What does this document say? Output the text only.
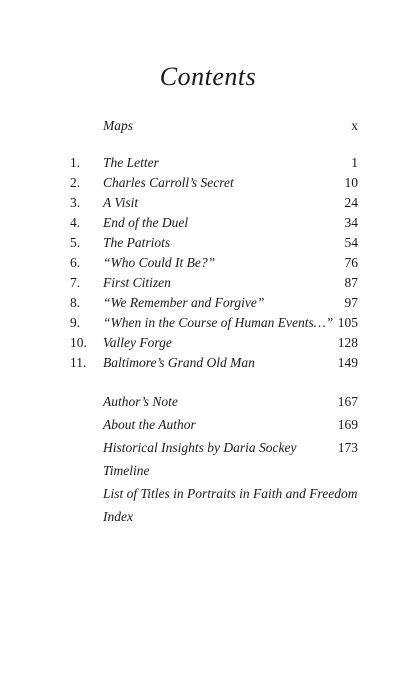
Contents
Maps	x
1.	The Letter	1
2.	Charles Carroll’s Secret	10
3.	A Visit	24
4.	End of the Duel	34
5.	The Patriots	54
6.	“Who Could It Be?”	76
7.	First Citizen	87
8.	“We Remember and Forgive”	97
9.	“When in the Course of Human Events…” 105
10.	Valley Forge	128
11.	Baltimore’s Grand Old Man	149
Author’s Note	167
About the Author	169
Historical Insights by Daria Sockey	173
Timeline
List of Titles in Portraits in Faith and Freedom
Index
